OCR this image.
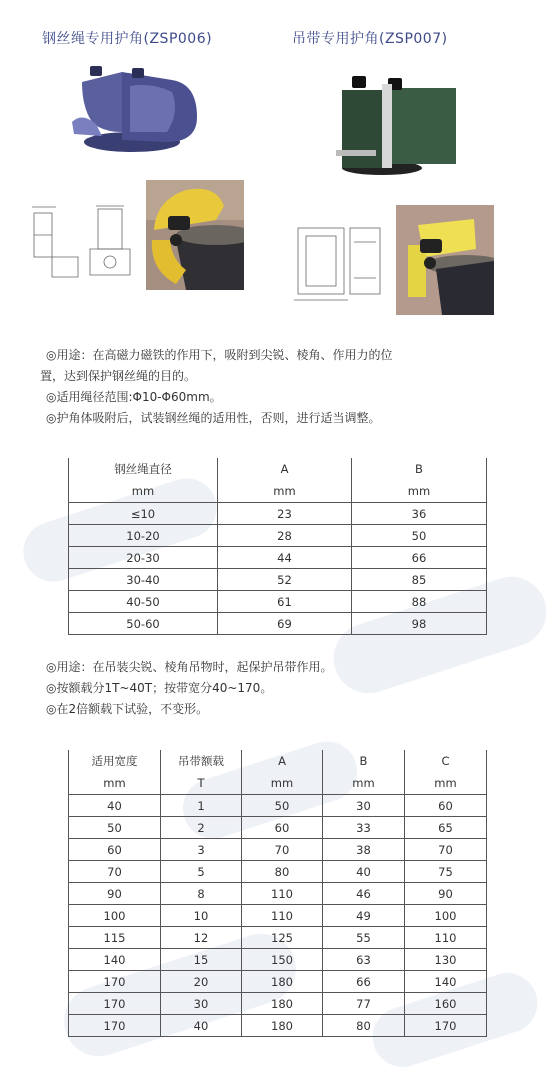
钢丝绳专用护角(ZSP006)	吊带专用护角(ZSP007)

◎用途：在高磁力磁铁的作用下，吸附到尖锐、棱角、作用力的位

置，达到保护钢丝绳的目的。

◎适用绳径范围:Φ10-Φ60mm。

◎护角体吸附后，试装钢丝绳的适用性，否则，进行适当调整。

钢丝绳直径	A	B
mm	mm	mm
≤10	23	36
10-20	28	50
20-30	44	66
30-40	52	85
40-50	61	88
50-60	69	98

◎用途：在吊装尖锐、棱角吊物时，起保护吊带作用。

◎按额载分1T~40T；按带宽分40~170。

◎在2倍额载下试验，不变形。

适用宽度	吊带额载	A	B	C
mm	T	mm	mm	mm
40	1	50	30	60
50	2	60	33	65
60	3	70	38	70
70	5	80	40	75
90	8	110	46	90
100	10	110	49	100
115	12	125	55	110
140	15	150	63	130
170	20	180	66	140
170	30	180	77	160
170	40	180	80	170
